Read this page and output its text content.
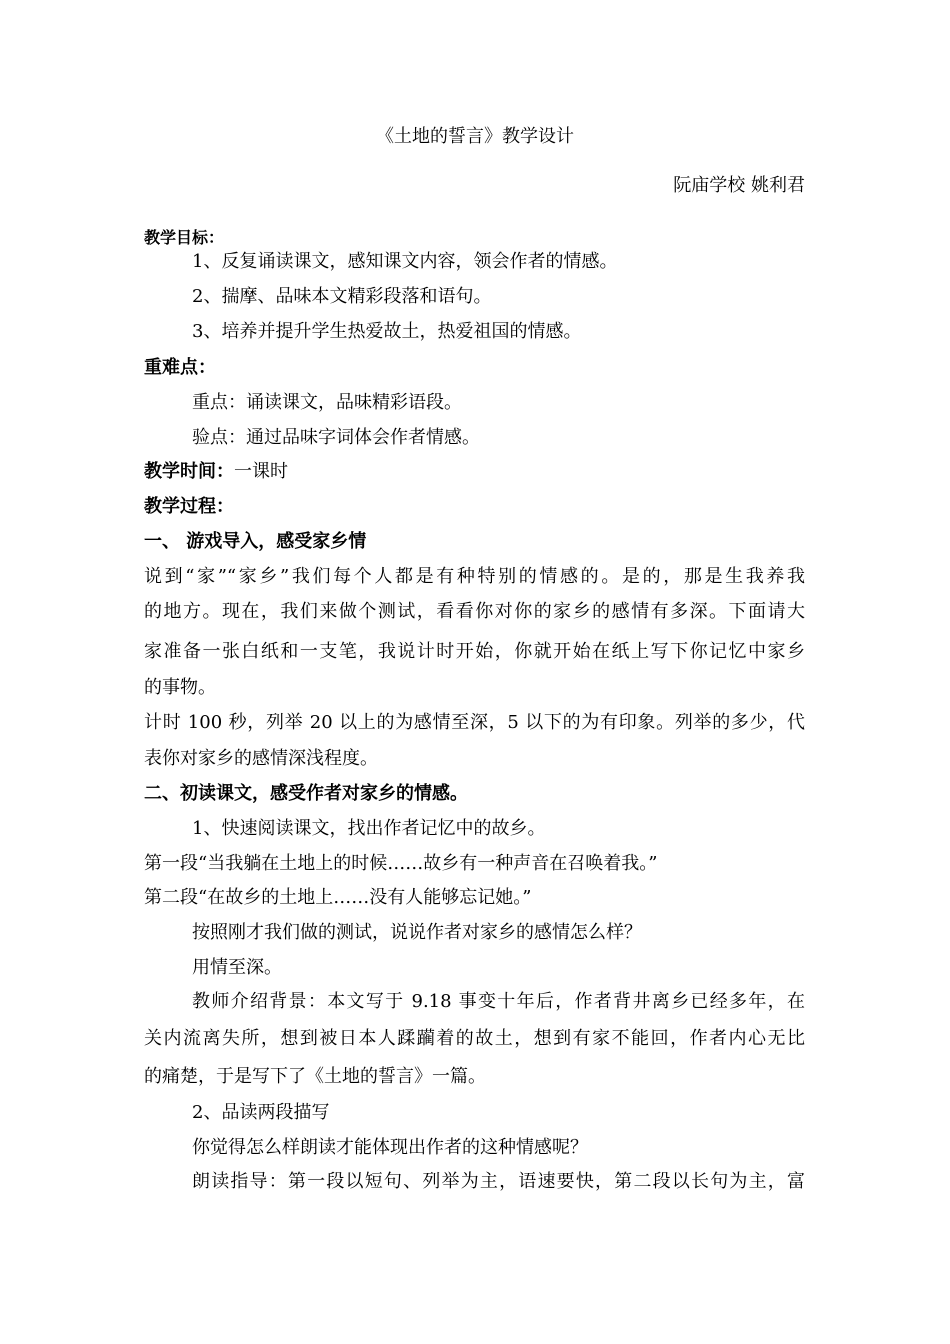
《土地的誓言》教学设计
阮庙学校 姚利君
教学目标：
1、反复诵读课文，感知课文内容，领会作者的情感。
2、揣摩、品味本文精彩段落和语句。
3、培养并提升学生热爱故土，热爱祖国的情感。
重难点：
重点：诵读课文，品味精彩语段。
验点：通过品味字词体会作者情感。
教学时间：一课时
教学过程：
一、 游戏导入，感受家乡情
说到“家”“家乡”我们每个人都是有种特别的情感的。是的，那是生我养我
的地方。现在，我们来做个测试，看看你对你的家乡的感情有多深。下面请大
家准备一张白纸和一支笔，我说计时开始，你就开始在纸上写下你记忆中家乡
的事物。
计时 100 秒，列举 20 以上的为感情至深，5 以下的为有印象。列举的多少，代
表你对家乡的感情深浅程度。
二、初读课文，感受作者对家乡的情感。
1、快速阅读课文，找出作者记忆中的故乡。
第一段“当我躺在土地上的时候……故乡有一种声音在召唤着我。”
第二段“在故乡的土地上……没有人能够忘记她。”
按照刚才我们做的测试，说说作者对家乡的感情怎么样？
用情至深。
教师介绍背景：本文写于 9.18 事变十年后，作者背井离乡已经多年，在
关内流离失所，想到被日本人蹂躏着的故土，想到有家不能回，作者内心无比
的痛楚，于是写下了《土地的誓言》一篇。
2、品读两段描写
你觉得怎么样朗读才能体现出作者的这种情感呢？
朗读指导：第一段以短句、列举为主，语速要快，第二段以长句为主，富
